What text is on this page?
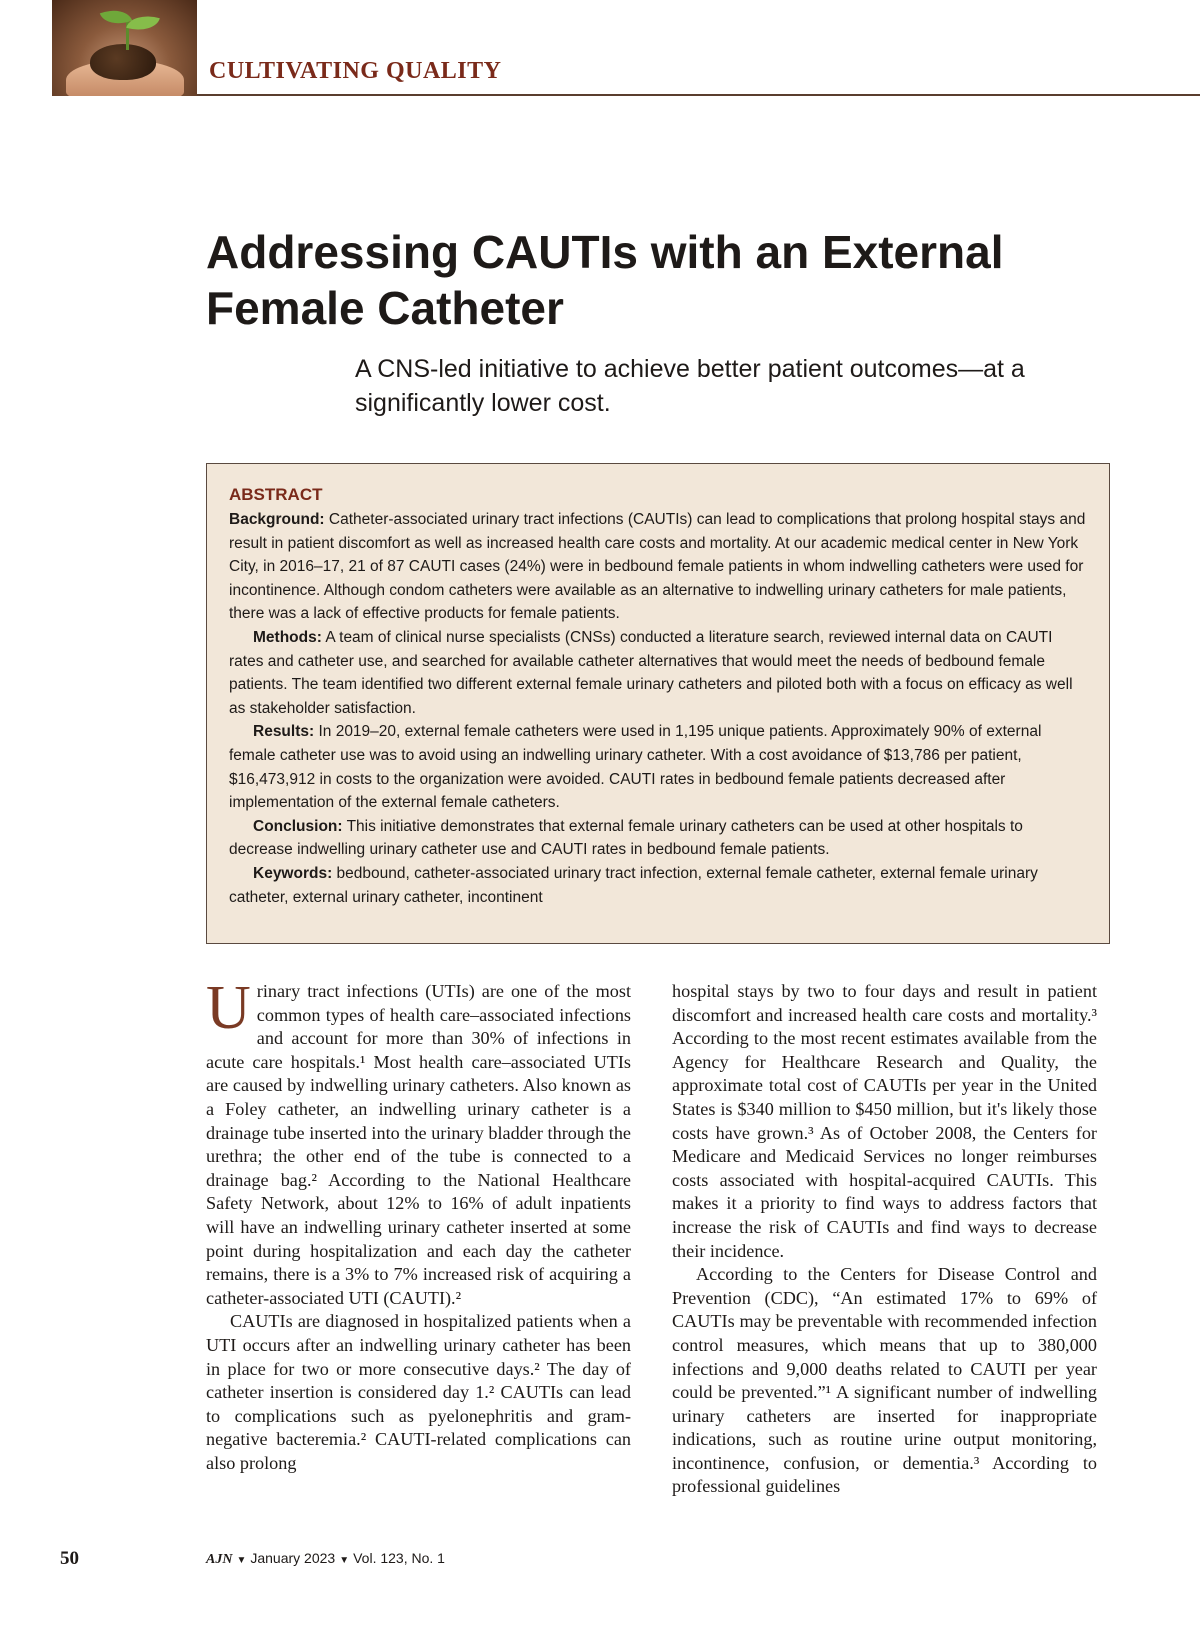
CULTIVATING QUALITY
Addressing CAUTIs with an External Female Catheter

A CNS-led initiative to achieve better patient outcomes—at a significantly lower cost.

ABSTRACT

Background: Catheter-associated urinary tract infections (CAUTIs) can lead to complications that prolong hospital stays and result in patient discomfort as well as increased health care costs and mortality. At our academic medical center in New York City, in 2016–17, 21 of 87 CAUTI cases (24%) were in bedbound female patients in whom indwelling catheters were used for incontinence. Although condom catheters were available as an alternative to indwelling urinary catheters for male patients, there was a lack of effective products for female patients.

Methods: A team of clinical nurse specialists (CNSs) conducted a literature search, reviewed internal data on CAUTI rates and catheter use, and searched for available catheter alternatives that would meet the needs of bedbound female patients. The team identified two different external female urinary catheters and piloted both with a focus on efficacy as well as stakeholder satisfaction.

Results: In 2019–20, external female catheters were used in 1,195 unique patients. Approximately 90% of external female catheter use was to avoid using an indwelling urinary catheter. With a cost avoidance of $13,786 per patient, $16,473,912 in costs to the organization were avoided. CAUTI rates in bedbound female patients decreased after implementation of the external female catheters.

Conclusion: This initiative demonstrates that external female urinary catheters can be used at other hospitals to decrease indwelling urinary catheter use and CAUTI rates in bedbound female patients.

Keywords: bedbound, catheter-associated urinary tract infection, external female catheter, external female urinary catheter, external urinary catheter, incontinent

Urinary tract infections (UTIs) are one of the most common types of health care–associated infections and account for more than 30% of infections in acute care hospitals.¹ Most health care–associated UTIs are caused by indwelling urinary catheters. Also known as a Foley catheter, an indwelling urinary catheter is a drainage tube inserted into the urinary bladder through the urethra; the other end of the tube is connected to a drainage bag.² According to the National Healthcare Safety Network, about 12% to 16% of adult inpatients will have an indwelling urinary catheter inserted at some point during hospitalization and each day the catheter remains, there is a 3% to 7% increased risk of acquiring a catheter-associated UTI (CAUTI).²

CAUTIs are diagnosed in hospitalized patients when a UTI occurs after an indwelling urinary catheter has been in place for two or more consecutive days.² The day of catheter insertion is considered day 1.² CAUTIs can lead to complications such as pyelonephritis and gram-negative bacteremia.² CAUTI-related complications can also prolong

hospital stays by two to four days and result in patient discomfort and increased health care costs and mortality.³ According to the most recent estimates available from the Agency for Healthcare Research and Quality, the approximate total cost of CAUTIs per year in the United States is $340 million to $450 million, but it's likely those costs have grown.³ As of October 2008, the Centers for Medicare and Medicaid Services no longer reimburses costs associated with hospital-acquired CAUTIs. This makes it a priority to find ways to address factors that increase the risk of CAUTIs and find ways to decrease their incidence.

According to the Centers for Disease Control and Prevention (CDC), “An estimated 17% to 69% of CAUTIs may be preventable with recommended infection control measures, which means that up to 380,000 infections and 9,000 deaths related to CAUTI per year could be prevented.”¹ A significant number of indwelling urinary catheters are inserted for inappropriate indications, such as routine urine output monitoring, incontinence, confusion, or dementia.³ According to professional guidelines

50	AJN ▼ January 2023 ▼ Vol. 123, No. 1
